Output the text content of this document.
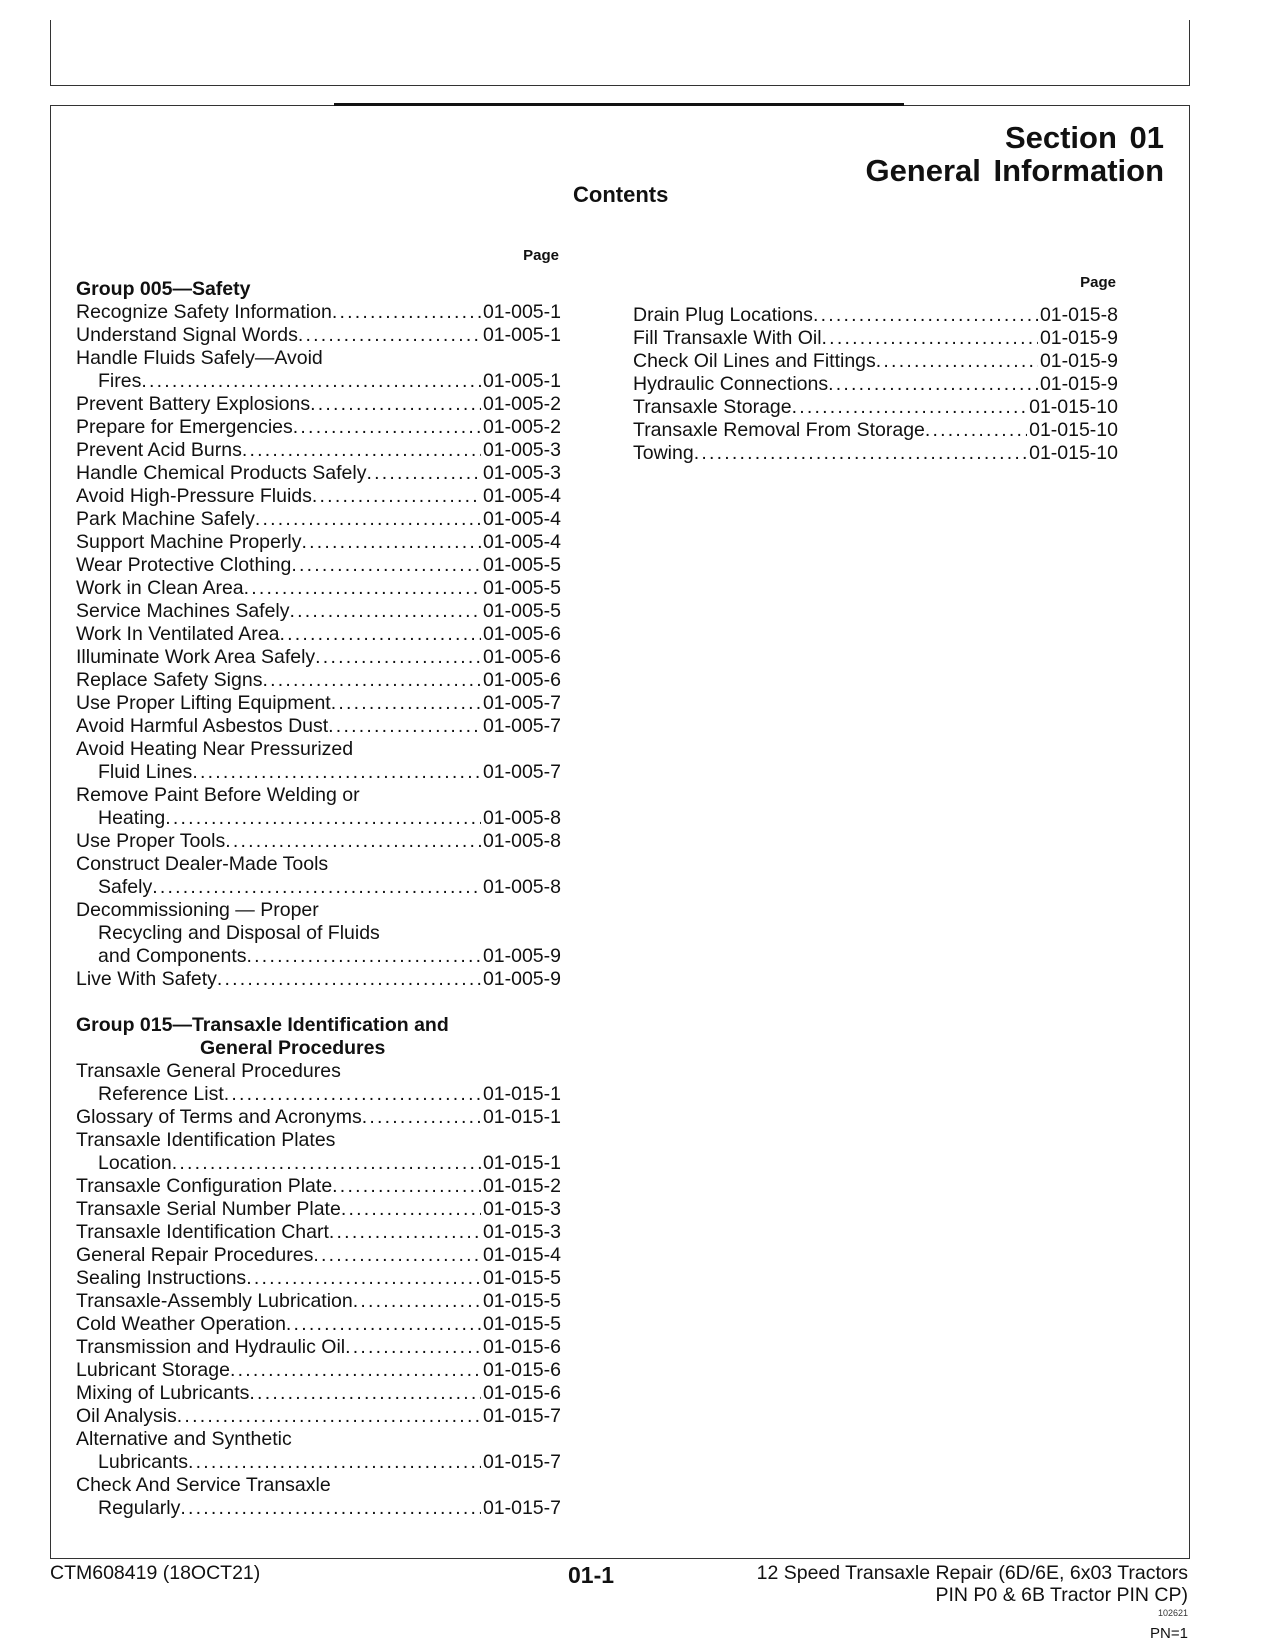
Section 01
General Information
Contents
Page
Group 005—Safety
Recognize Safety Information . . .	01-005-1
Understand Signal Words . . .	01-005-1
Handle Fluids Safely—Avoid
Fires . . .	01-005-1
Prevent Battery Explosions . . .	01-005-2
Prepare for Emergencies . . .	01-005-2
Prevent Acid Burns . . .	01-005-3
Handle Chemical Products Safely . . .	01-005-3
Avoid High-Pressure Fluids . . .	01-005-4
Park Machine Safely . . .	01-005-4
Support Machine Properly . . .	01-005-4
Wear Protective Clothing . . .	01-005-5
Work in Clean Area . . .	01-005-5
Service Machines Safely . . .	01-005-5
Work In Ventilated Area . . .	01-005-6
Illuminate Work Area Safely . . .	01-005-6
Replace Safety Signs . . .	01-005-6
Use Proper Lifting Equipment . . .	01-005-7
Avoid Harmful Asbestos Dust . . .	01-005-7
Avoid Heating Near Pressurized
Fluid Lines . . .	01-005-7
Remove Paint Before Welding or
Heating . . .	01-005-8
Use Proper Tools . . .	01-005-8
Construct Dealer-Made Tools
Safely . . .	01-005-8
Decommissioning — Proper
Recycling and Disposal of Fluids
and Components . . .	01-005-9
Live With Safety . . .	01-005-9
Group 015—Transaxle Identification and
General Procedures
Transaxle General Procedures
Reference List . . .	01-015-1
Glossary of Terms and Acronyms . . .	01-015-1
Transaxle Identification Plates
Location . . .	01-015-1
Transaxle Configuration Plate . . .	01-015-2
Transaxle Serial Number Plate . . .	01-015-3
Transaxle Identification Chart . . .	01-015-3
General Repair Procedures . . .	01-015-4
Sealing Instructions . . .	01-015-5
Transaxle-Assembly Lubrication . . .	01-015-5
Cold Weather Operation . . .	01-015-5
Transmission and Hydraulic Oil . . .	01-015-6
Lubricant Storage . . .	01-015-6
Mixing of Lubricants . . .	01-015-6
Oil Analysis . . .	01-015-7
Alternative and Synthetic
Lubricants . . .	01-015-7
Check And Service Transaxle
Regularly . . .	01-015-7
Page
Drain Plug Locations . . .	01-015-8
Fill Transaxle With Oil . . .	01-015-9
Check Oil Lines and Fittings . . .	01-015-9
Hydraulic Connections . . .	01-015-9
Transaxle Storage . . .	01-015-10
Transaxle Removal From Storage . . .	01-015-10
Towing . . .	01-015-10
CTM608419 (18OCT21)	01-1	12 Speed Transaxle Repair (6D/6E, 6x03 Tractors
PIN P0 & 6B Tractor PIN CP)
102621
PN=1
